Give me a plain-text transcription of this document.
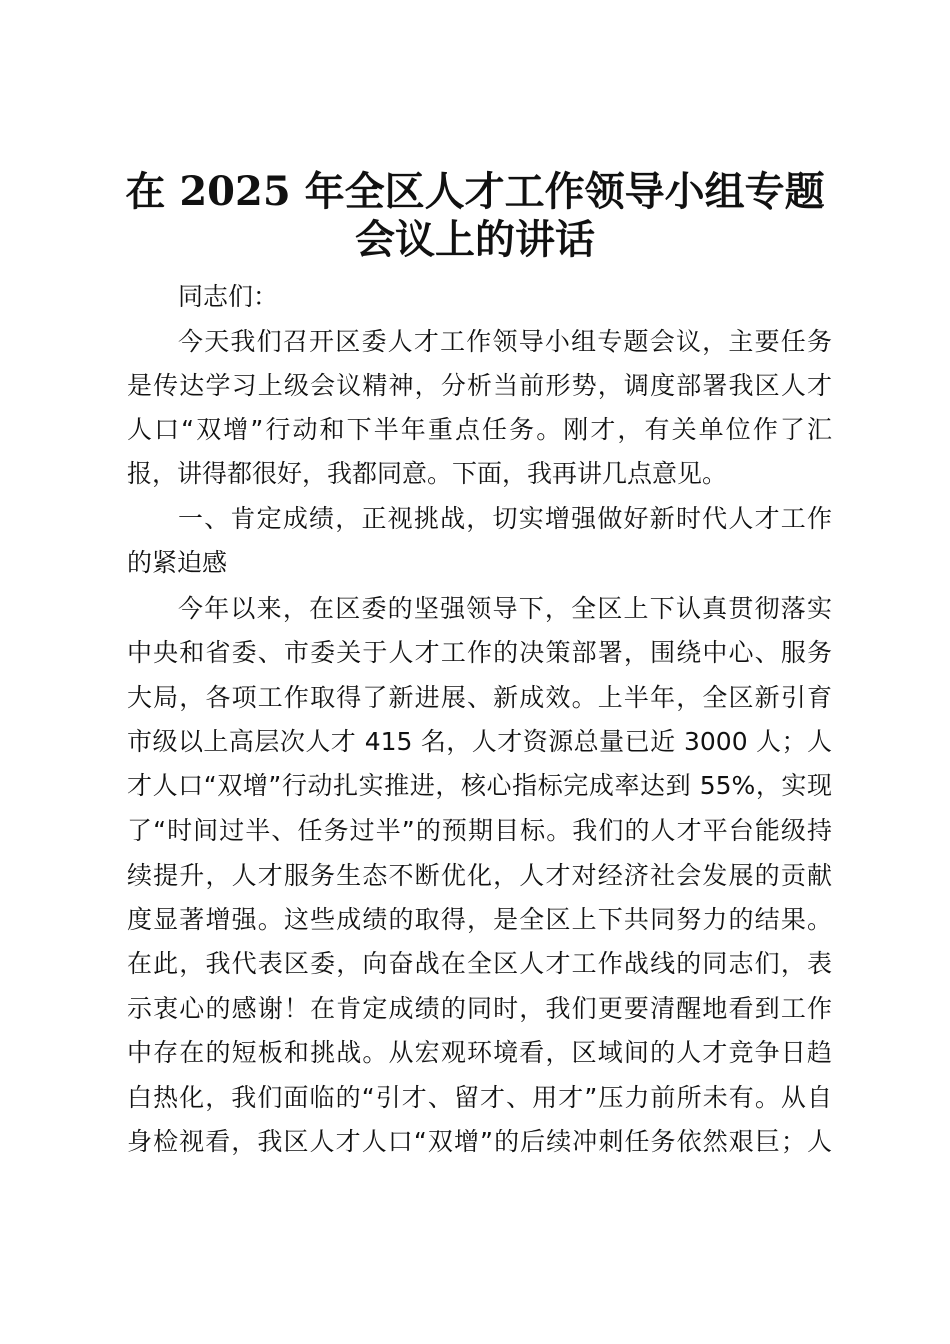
在 2025 年全区人才工作领导小组专题
会议上的讲话
同志们：
今天我们召开区委人才工作领导小组专题会议，主要任务
是传达学习上级会议精神，分析当前形势，调度部署我区人才
人口“双增”行动和下半年重点任务。刚才，有关单位作了汇
报，讲得都很好，我都同意。下面，我再讲几点意见。
一、肯定成绩，正视挑战，切实增强做好新时代人才工作
的紧迫感
今年以来，在区委的坚强领导下，全区上下认真贯彻落实
中央和省委、市委关于人才工作的决策部署，围绕中心、服务
大局，各项工作取得了新进展、新成效。上半年，全区新引育
市级以上高层次人才 415 名，人才资源总量已近 3000 人；人
才人口“双增”行动扎实推进，核心指标完成率达到 55%，实现
了“时间过半、任务过半”的预期目标。我们的人才平台能级持
续提升，人才服务生态不断优化，人才对经济社会发展的贡献
度显著增强。这些成绩的取得，是全区上下共同努力的结果。
在此，我代表区委，向奋战在全区人才工作战线的同志们，表
示衷心的感谢！在肯定成绩的同时，我们更要清醒地看到工作
中存在的短板和挑战。从宏观环境看，区域间的人才竞争日趋
白热化，我们面临的“引才、留才、用才”压力前所未有。从自
身检视看，我区人才人口“双增”的后续冲刺任务依然艰巨；人
